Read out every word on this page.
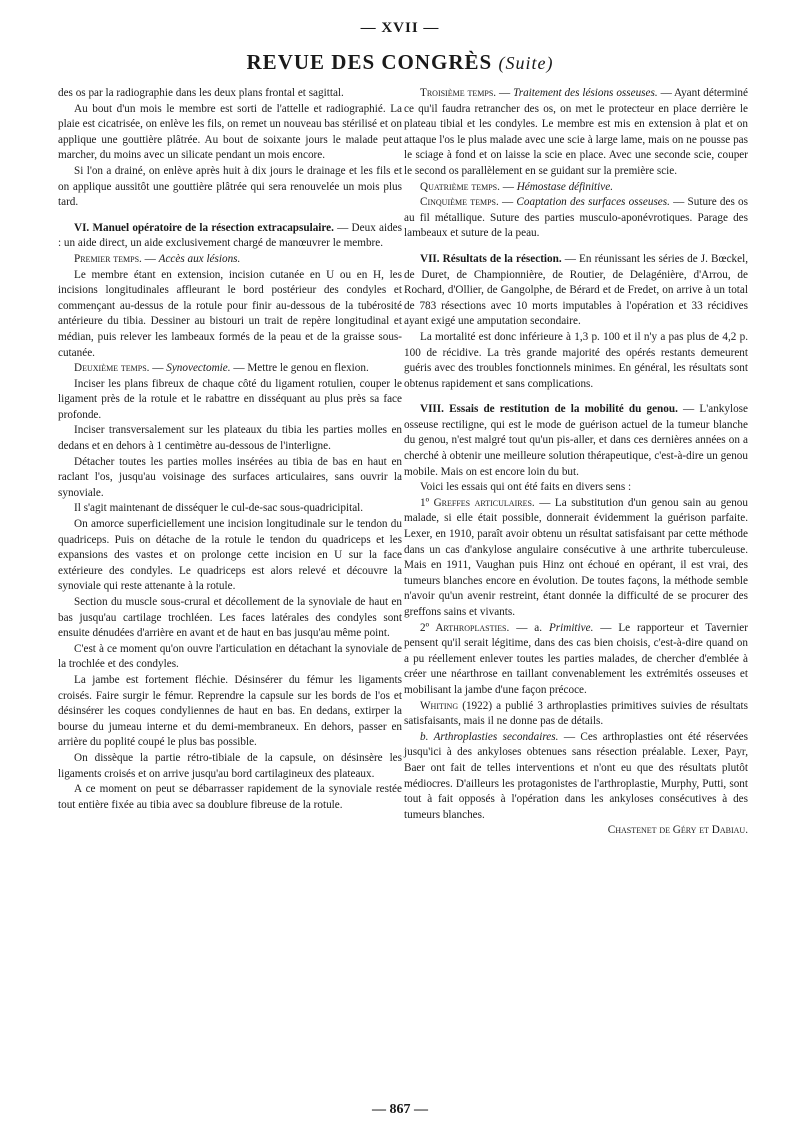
— XVII —
REVUE DES CONGRÈS (Suite)

des os par la radiographie dans les deux plans frontal et sagittal.

Au bout d'un mois le membre est sorti de l'attelle et radiographié. La plaie est cicatrisée, on enlève les fils, on remet un nouveau bas stérilisé et on applique une gouttière plâtrée. Au bout de soixante jours le malade peut marcher, du moins avec un silicate pendant un mois encore.

Si l'on a drainé, on enlève après huit à dix jours le drainage et les fils et on applique aussitôt une gouttière plâtrée qui sera renouvelée un mois plus tard.

VI. Manuel opératoire de la résection extracapsulaire. — Deux aides : un aide direct, un aide exclusivement chargé de manœuvrer le membre.

Premier temps. — Accès aux lésions.

Le membre étant en extension, incision cutanée en U ou en H, les incisions longitudinales affleurant le bord postérieur des condyles et commençant au-dessus de la rotule pour finir au-dessous de la tubérosité antérieure du tibia. Dessiner au bistouri un trait de repère longitudinal et médian, puis relever les lambeaux formés de la peau et de la graisse sous-cutanée.

Deuxième temps. — Synovectomie. — Mettre le genou en flexion.

Inciser les plans fibreux de chaque côté du ligament rotulien, couper le ligament près de la rotule et le rabattre en disséquant au plus près sa face profonde.

Inciser transversalement sur les plateaux du tibia les parties molles en dedans et en dehors à 1 centimètre au-dessous de l'interligne.

Détacher toutes les parties molles insérées au tibia de bas en haut en raclant l'os, jusqu'au voisinage des surfaces articulaires, sans ouvrir la synoviale.

Il s'agit maintenant de disséquer le cul-de-sac sous-quadricipital.

On amorce superficiellement une incision longitudinale sur le tendon du quadriceps. Puis on détache de la rotule le tendon du quadriceps et les expansions des vastes et on prolonge cette incision en U sur la face extérieure des condyles. Le quadriceps est alors relevé et découvre la synoviale qui reste attenante à la rotule.

Section du muscle sous-crural et décollement de la synoviale de haut en bas jusqu'au cartilage trochléen. Les faces latérales des condyles sont ensuite dénudées d'arrière en avant et de haut en bas jusqu'au même point.

C'est à ce moment qu'on ouvre l'articulation en détachant la synoviale de la trochlée et des condyles.

La jambe est fortement fléchie. Désinsérer du fémur les ligaments croisés. Faire surgir le fémur. Reprendre la capsule sur les bords de l'os et désinsérer les coques condyliennes de haut en bas. En dedans, extirper la bourse du jumeau interne et du demi-membraneux. En dehors, passer en arrière du poplité coupé le plus bas possible.

On dissèque la partie rétro-tibiale de la capsule, on désinsère les ligaments croisés et on arrive jusqu'au bord cartilagineux des plateaux.

A ce moment on peut se débarrasser rapidement de la synoviale restée tout entière fixée au tibia avec sa doublure fibreuse de la rotule.

Troisième temps. — Traitement des lésions osseuses. — Ayant déterminé ce qu'il faudra retrancher des os, on met le protecteur en place derrière le plateau tibial et les condyles. Le membre est mis en extension à plat et on attaque l'os le plus malade avec une scie à large lame, mais on ne pousse pas le sciage à fond et on laisse la scie en place. Avec une seconde scie, couper le second os parallèlement en se guidant sur la première scie.

Quatrième temps. — Hémostase définitive.

Cinquième temps. — Coaptation des surfaces osseuses. — Suture des os au fil métallique. Suture des parties musculo-aponévrotiques. Parage des lambeaux et suture de la peau.

VII. Résultats de la résection. — En réunissant les séries de J. Bœckel, de Duret, de Championnière, de Routier, de Delagénière, d'Arrou, de Rochard, d'Ollier, de Gangolphe, de Bérard et de Fredet, on arrive à un total de 783 résections avec 10 morts imputables à l'opération et 33 récidives ayant exigé une amputation secondaire.

La mortalité est donc inférieure à 1,3 p. 100 et il n'y a pas plus de 4,2 p. 100 de récidive. La très grande majorité des opérés restants demeurent guéris avec des troubles fonctionnels minimes. En général, les résultats sont obtenus rapidement et sans complications.

VIII. Essais de restitution de la mobilité du genou. — L'ankylose osseuse rectiligne, qui est le mode de guérison actuel de la tumeur blanche du genou, n'est malgré tout qu'un pis-aller, et dans ces dernières années on a cherché à obtenir une meilleure solution thérapeutique, c'est-à-dire un genou mobile. Mais on est encore loin du but.

Voici les essais qui ont été faits en divers sens :

1º Greffes articulaires. — La substitution d'un genou sain au genou malade, si elle était possible, donnerait évidemment la guérison parfaite. Lexer, en 1910, paraît avoir obtenu un résultat satisfaisant par cette méthode dans un cas d'ankylose angulaire consécutive à une arthrite tuberculeuse. Mais en 1911, Vaughan puis Hinz ont échoué en opérant, il est vrai, des tumeurs blanches encore en évolution. De toutes façons, la méthode semble n'avoir qu'un avenir restreint, étant donnée la difficulté de se procurer des greffons sains et vivants.

2º Arthroplasties. — a. Primitive. — Le rapporteur et Tavernier pensent qu'il serait légitime, dans des cas bien choisis, c'est-à-dire quand on a pu réellement enlever toutes les parties malades, de chercher d'emblée à créer une néarthrose en taillant convenablement les extrémités osseuses et mobilisant la jambe d'une façon précoce.

Whiting (1922) a publié 3 arthroplasties primitives suivies de résultats satisfaisants, mais il ne donne pas de détails.

b. Arthroplasties secondaires. — Ces arthroplasties ont été réservées jusqu'ici à des ankyloses obtenues sans résection préalable. Lexer, Payr, Baer ont fait de telles interventions et n'ont eu que des résultats plutôt médiocres. D'ailleurs les protagonistes de l'arthroplastie, Murphy, Putti, sont tout à fait opposés à l'opération dans les ankyloses consécutives à des tumeurs blanches.

Chastenet de Géry et Dabiau.

— 867 —
